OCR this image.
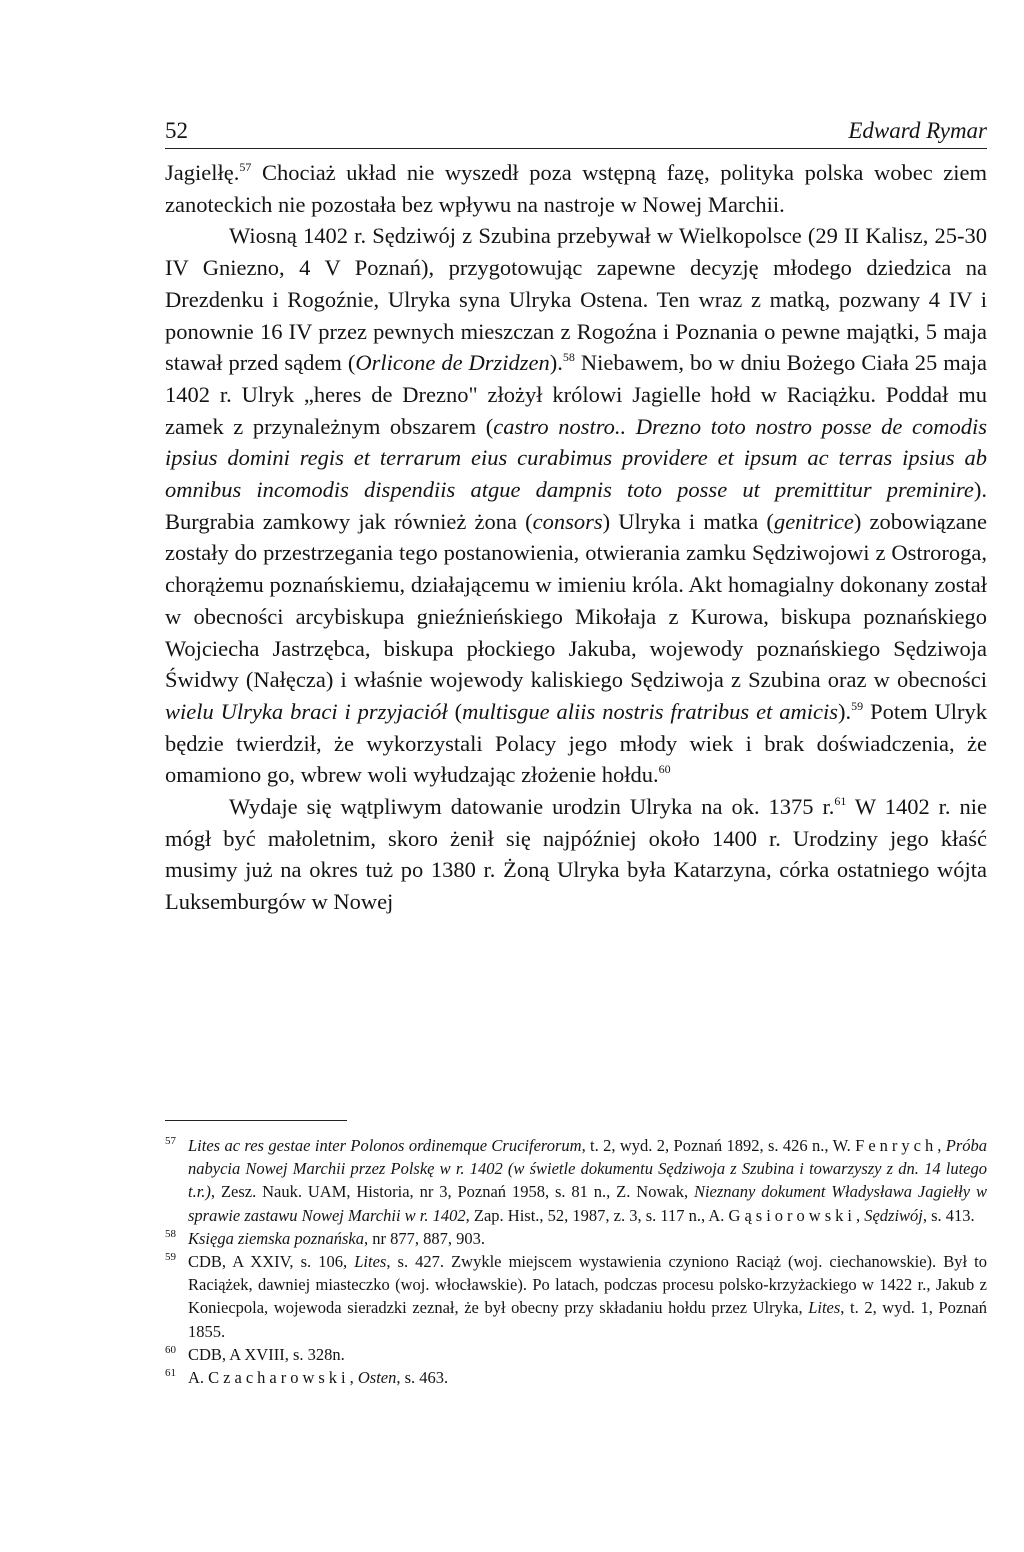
52	Edward Rymar

Jagielłę.$^{57}$ Chociaż układ nie wyszedł poza wstępną fazę, polityka polska wobec ziem zanoteckich nie pozostała bez wpływu na nastroje w Nowej Marchii.

Wiosną 1402 r. Sędziwój z Szubina przebywał w Wielkopolsce (29 II Kalisz, 25-30 IV Gniezno, 4 V Poznań), przygotowując zapewne decyzję młodego dziedzica na Drezdenku i Rogoźnie, Ulryka syna Ulryka Ostena. Ten wraz z matką, pozwany 4 IV i ponownie 16 IV przez pewnych mieszczan z Rogoźna i Poznania o pewne majątki, 5 maja stawał przed sądem (Orlicone de Drzidzen).$^{58}$ Niebawem, bo w dniu Bożego Ciała 25 maja 1402 r. Ulryk „heres de Drezno" złożył królowi Jagielle hołd w Raciążku. Poddał mu zamek z przynależnym obszarem (castro nostro.. Drezno toto nostro posse de comodis ipsius domini regis et terrarum eius curabimus providere et ipsum ac terras ipsius ab omnibus incomodis dispendiis atgue dampnis toto posse ut premittitur preminire). Burgrabia zamkowy jak również żona (consors) Ulryka i matka (genitrice) zobowiązane zostały do przestrzegania tego postanowienia, otwierania zamku Sędziwojowi z Ostroroga, chorążemu poznańskiemu, działającemu w imieniu króla. Akt homagialny dokonany został w obecności arcybiskupa gnieźnieńskiego Mikołaja z Kurowa, biskupa poznańskiego Wojciecha Jastrzębca, biskupa płockiego Jakuba, wojewody poznańskiego Sędziwoja Świdwy (Nałęcza) i właśnie wojewody kaliskiego Sędziwoja z Szubina oraz w obecności wielu Ulryka braci i przyjaciół (multisgue aliis nostris fratribus et amicis).$^{59}$ Potem Ulryk będzie twierdził, że wykorzystali Polacy jego młody wiek i brak doświadczenia, że omamiono go, wbrew woli wyłudzając złożenie hołdu.$^{60}$

Wydaje się wątpliwym datowanie urodzin Ulryka na ok. 1375 r.$^{61}$ W 1402 r. nie mógł być małoletnim, skoro żenił się najpóźniej około 1400 r. Urodziny jego kłaść musimy już na okres tuż po 1380 r. Żoną Ulryka była Katarzyna, córka ostatniego wójta Luksemburgów w Nowej

57 Lites ac res gestae inter Polonos ordinemque Cruciferorum, t. 2, wyd. 2, Poznań 1892, s. 426 n., W. Fenrych, Próba nabycia Nowej Marchii przez Polskę w r. 1402 (w świetle dokumentu Sędziwoja z Szubina i towarzyszy z dn. 14 lutego t.r.), Zesz. Nauk. UAM, Historia, nr 3, Poznań 1958, s. 81 n., Z. Nowak, Nieznany dokument Władysława Jagiełły w sprawie zastawu Nowej Marchii w r. 1402, Zap. Hist., 52, 1987, z. 3, s. 117 n., A. Gąsiorowski, Sędziwój, s. 413.

58 Księga ziemska poznańska, nr 877, 887, 903.

59 CDB, A XXIV, s. 106, Lites, s. 427. Zwykle miejscem wystawienia czyniono Raciąż (woj. ciechanowskie). Był to Raciążek, dawniej miasteczko (woj. włocławskie). Po latach, podczas procesu polsko-krzyżackiego w 1422 r., Jakub z Koniecpola, wojewoda sieradzki zeznał, że był obecny przy składaniu hołdu przez Ulryka, Lites, t. 2, wyd. 1, Poznań 1855.

60 CDB, A XVIII, s. 328n.

61 A. Czacharowski, Osten, s. 463.
